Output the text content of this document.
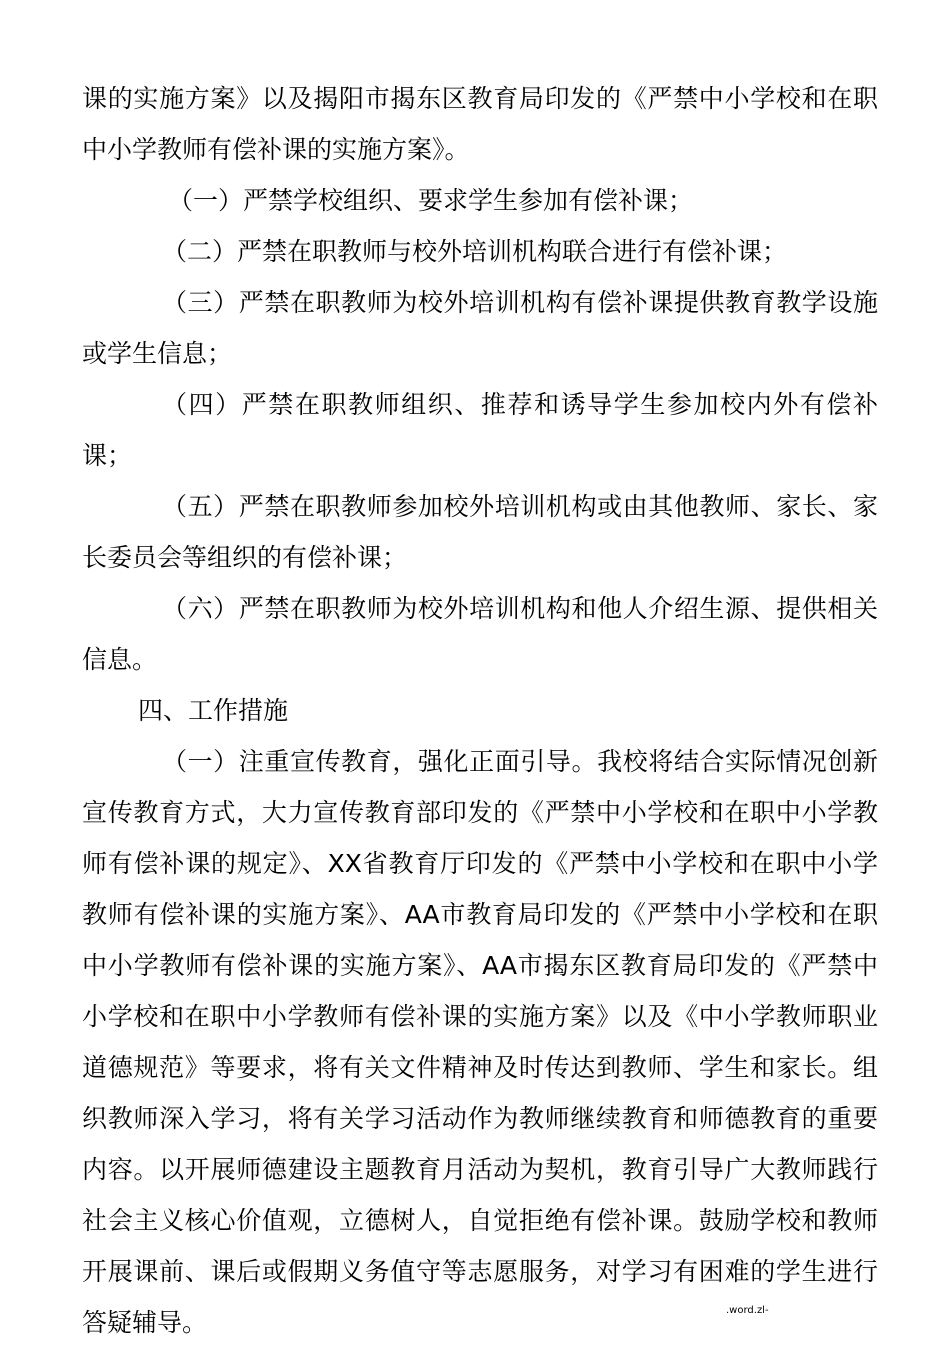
课的实施方案》以及揭阳市揭东区教育局印发的《严禁中小学校和在职中小学教师有偿补课的实施方案》。

（一）严禁学校组织、要求学生参加有偿补课；

（二）严禁在职教师与校外培训机构联合进行有偿补课；

（三）严禁在职教师为校外培训机构有偿补课提供教育教学设施或学生信息；

（四）严禁在职教师组织、推荐和诱导学生参加校内外有偿补课；

（五）严禁在职教师参加校外培训机构或由其他教师、家长、家长委员会等组织的有偿补课；

（六）严禁在职教师为校外培训机构和他人介绍生源、提供相关信息。

四、工作措施

（一）注重宣传教育，强化正面引导。我校将结合实际情况创新宣传教育方式，大力宣传教育部印发的《严禁中小学校和在职中小学教师有偿补课的规定》、XX省教育厅印发的《严禁中小学校和在职中小学教师有偿补课的实施方案》、AA市教育局印发的《严禁中小学校和在职中小学教师有偿补课的实施方案》、AA市揭东区教育局印发的《严禁中小学校和在职中小学教师有偿补课的实施方案》以及《中小学教师职业道德规范》等要求，将有关文件精神及时传达到教师、学生和家长。组织教师深入学习，将有关学习活动作为教师继续教育和师德教育的重要内容。以开展师德建设主题教育月活动为契机，教育引导广大教师践行社会主义核心价值观，立德树人，自觉拒绝有偿补课。鼓励学校和教师开展课前、课后或假期义务值守等志愿服务，对学习有困难的学生进行答疑辅导。	.word.zl-
